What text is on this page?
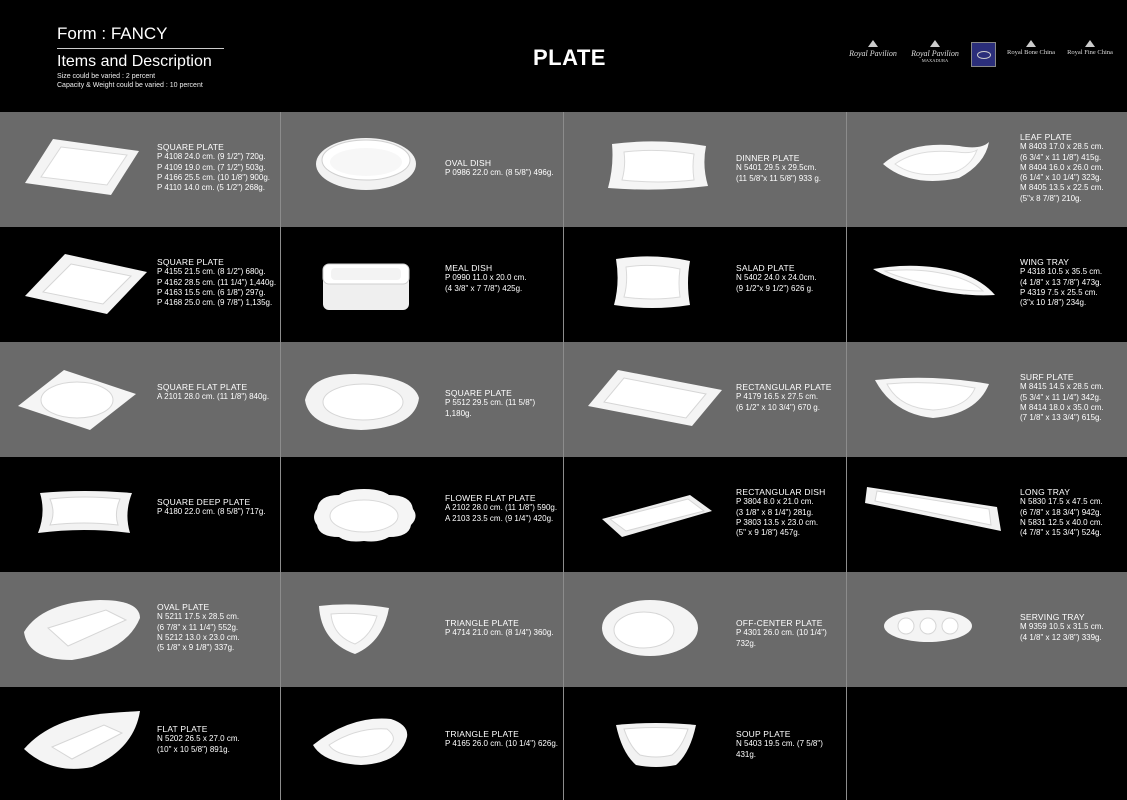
Form : FANCY
Items and Description
Size could be varied : 2 percent
Capacity & Weight could be varied : 10 percent
PLATE	Royal Pavilion	Royal Pavilion
MAXADURA
Royal Bone China	Royal Fine China
SQUARE PLATE
P 4108 24.0 cm. (9 1/2") 720g.
P 4109 19.0 cm. (7 1/2") 503g.
P 4166 25.5 cm. (10 1/8") 900g.
P 4110 14.0 cm. (5 1/2") 268g.
OVAL DISH
P 0986 22.0 cm. (8 5/8") 496g.
DINNER PLATE
N 5401 29.5 x 29.5cm.
(11 5/8"x 11 5/8") 933 g.
LEAF PLATE
M 8403 17.0 x 28.5 cm.
(6 3/4" x 11 1/8") 415g.
M 8404 16.0 x 26.0 cm.
(6 1/4" x 10 1/4") 323g.
M 8405 13.5 x 22.5 cm.
(5"x 8 7/8") 210g.
SQUARE PLATE
P 4155 21.5 cm. (8 1/2") 680g.
P 4162 28.5 cm. (11 1/4") 1,440g.
P 4163 15.5 cm. (6 1/8") 297g.
P 4168 25.0 cm. (9 7/8") 1,135g.
MEAL DISH
P 0990 11.0 x 20.0 cm.
(4 3/8" x 7 7/8") 425g.
SALAD PLATE
N 5402 24.0 x 24.0cm.
(9 1/2"x 9 1/2") 626 g.
WING TRAY
P 4318 10.5 x 35.5 cm.
(4 1/8" x 13 7/8") 473g.
P 4319 7.5 x 25.5 cm.
(3"x 10 1/8") 234g.
SQUARE FLAT PLATE
A 2101 28.0 cm. (11 1/8") 840g.	SQUARE PLATE
P 5512 29.5 cm. (11 5/8")
1,180g.
RECTANGULAR PLATE
P 4179 16.5 x 27.5 cm.
(6 1/2" x 10 3/4") 670 g.
SURF PLATE
M 8415 14.5 x 28.5 cm.
(5 3/4" x 11 1/4") 342g.
M 8414 18.0 x 35.0 cm.
(7 1/8" x 13 3/4") 615g.
SQUARE DEEP PLATE
P 4180 22.0 cm. (8 5/8") 717g.
FLOWER FLAT PLATE
A 2102 28.0 cm. (11 1/8") 590g.
A 2103 23.5 cm. (9 1/4") 420g.
RECTANGULAR DISH
P 3804 8.0 x 21.0 cm.
(3 1/8" x 8 1/4") 281g.
P 3803 13.5 x 23.0 cm.
(5" x 9 1/8") 457g.
LONG TRAY
N 5830 17.5 x 47.5 cm.
(6 7/8" x 18 3/4") 942g.
N 5831 12.5 x 40.0 cm.
(4 7/8" x 15 3/4") 524g.
OVAL PLATE
N 5211 17.5 x 28.5 cm.
(6 7/8" x 11 1/4") 552g.
N 5212 13.0 x 23.0 cm.
(5 1/8" x 9 1/8") 337g.
TRIANGLE PLATE
P 4714 21.0 cm. (8 1/4") 360g.
OFF-CENTER PLATE
P 4301 26.0 cm. (10 1/4")
732g.
SERVING TRAY
M 9359 10.5 x 31.5 cm.
(4 1/8" x 12 3/8") 339g.
FLAT PLATE
N 5202 26.5 x 27.0 cm.
(10" x 10 5/8") 891g.
TRIANGLE PLATE
P 4165 26.0 cm. (10 1/4") 626g.
SOUP PLATE
N 5403 19.5 cm. (7 5/8")
431g.
